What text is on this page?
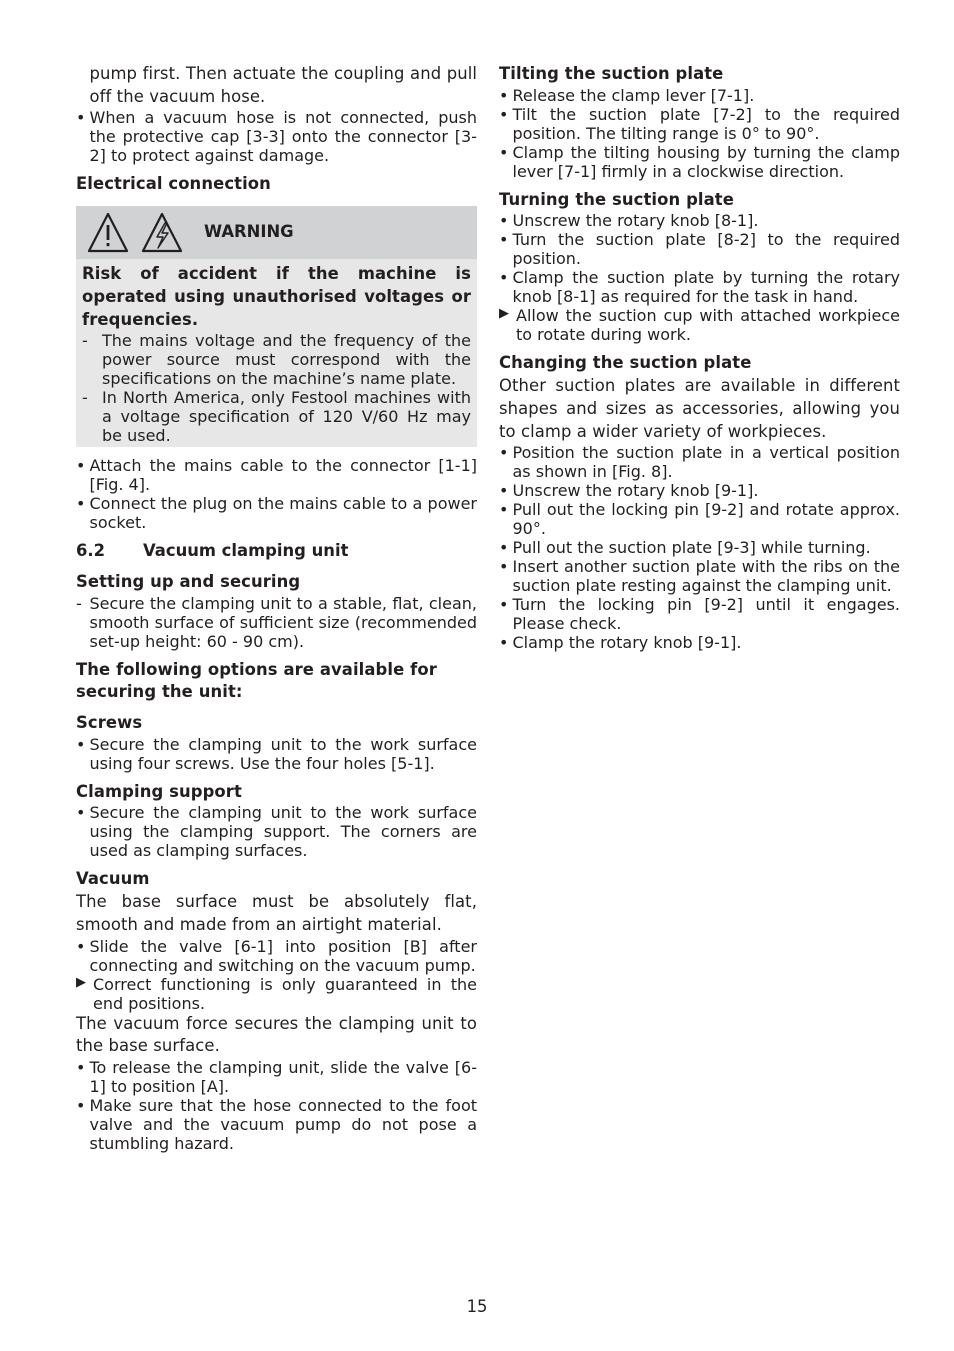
pump first. Then actuate the coupling and pull off the vacuum hose.

• When a vacuum hose is not connected, push the protective cap [3-3] onto the connector [3-2] to protect against damage.
Electrical connection
WARNING

Risk of accident if the machine is operated using unauthorised voltages or frequencies.

- The mains voltage and the frequency of the power source must correspond with the specifications on the machine’s name plate.
- In North America, only Festool machines with a voltage specification of 120 V/60 Hz may be used.
• Attach the mains cable to the connector [1-1] [Fig. 4].
• Connect the plug on the mains cable to a power socket.
6.2	Vacuum clamping unit
Setting up and securing
- Secure the clamping unit to a stable, flat, clean, smooth surface of sufficient size (recommended set-up height: 60 - 90 cm).
The following options are available for securing the unit:
Screws
• Secure the clamping unit to the work surface using four screws. Use the four holes [5-1].
Clamping support
• Secure the clamping unit to the work surface using the clamping support. The corners are used as clamping surfaces.
Vacuum

The base surface must be absolutely flat, smooth and made from an airtight material.

• Slide the valve [6-1] into position [B] after connecting and switching on the vacuum pump.
▶ Correct functioning is only guaranteed in the end positions.

The vacuum force secures the clamping unit to the base surface.

• To release the clamping unit, slide the valve [6-1] to position [A].
• Make sure that the hose connected to the foot valve and the vacuum pump do not pose a stumbling hazard.
Tilting the suction plate
• Release the clamp lever [7-1].
• Tilt the suction plate [7-2] to the required position. The tilting range is 0° to 90°.
• Clamp the tilting housing by turning the clamp lever [7-1] firmly in a clockwise direction.
Turning the suction plate
• Unscrew the rotary knob [8-1].
• Turn the suction plate [8-2] to the required position.
• Clamp the suction plate by turning the rotary knob [8-1] as required for the task in hand.
▶ Allow the suction cup with attached workpiece to rotate during work.
Changing the suction plate

Other suction plates are available in different shapes and sizes as accessories, allowing you to clamp a wider variety of workpieces.

• Position the suction plate in a vertical position as shown in [Fig. 8].
• Unscrew the rotary knob [9-1].
• Pull out the locking pin [9-2] and rotate approx. 90°.
• Pull out the suction plate [9-3] while turning.
• Insert another suction plate with the ribs on the suction plate resting against the clamping unit.
• Turn the locking pin [9-2] until it engages. Please check.
• Clamp the rotary knob [9-1].
15
